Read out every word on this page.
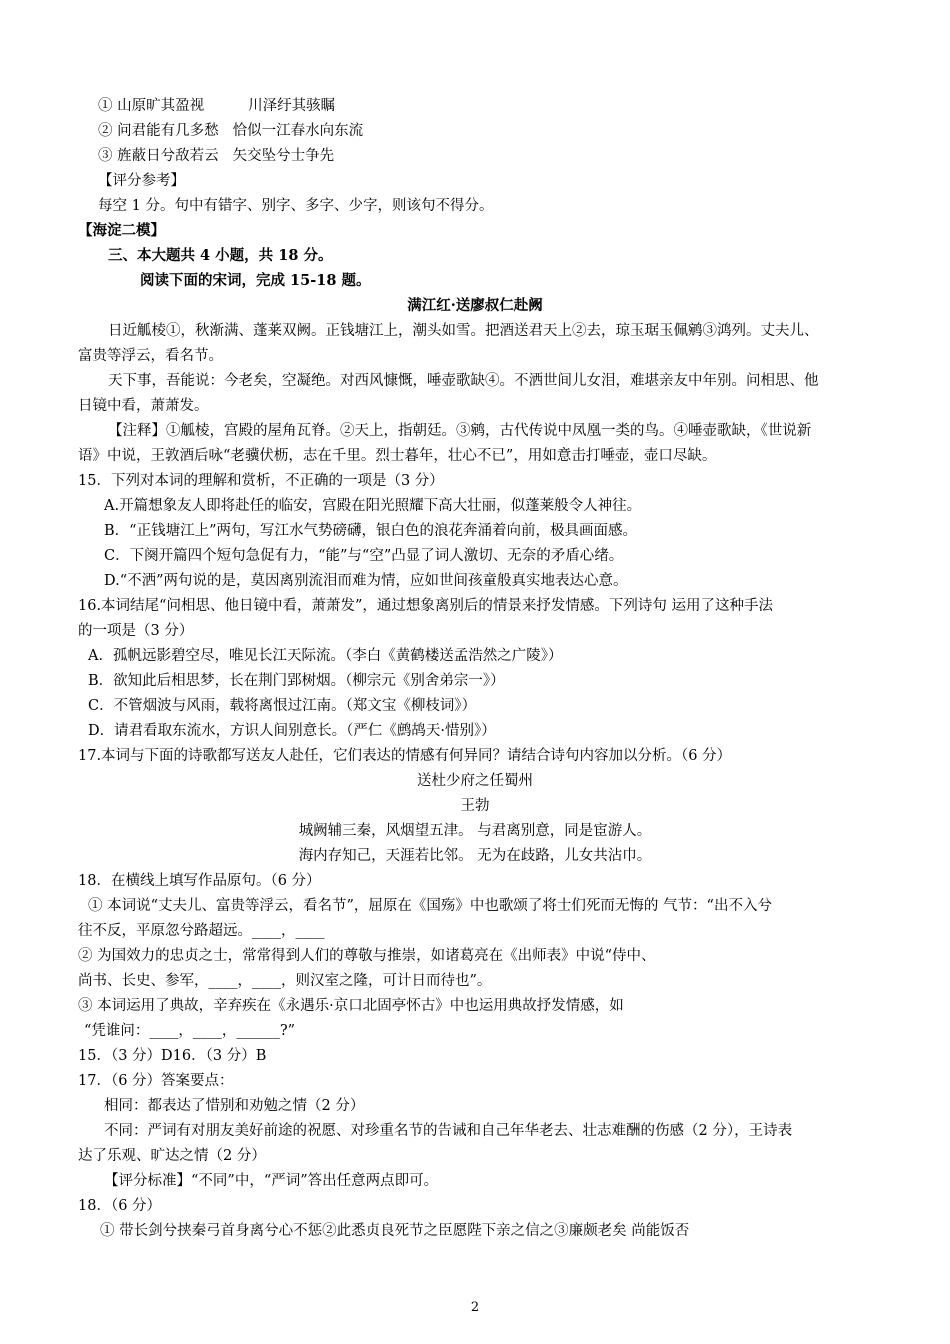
① 山原旷其盈视	川泽纡其骇瞩
② 问君能有几多愁 恰似一江春水向东流
③ 旌蔽日兮敌若云 矢交坠兮士争先
【评分参考】
每空 1 分。句中有错字、别字、多字、少字，则该句不得分。
【海淀二模】
三、本大题共 4 小题，共 18 分。
阅读下面的宋词，完成 15-18 题。
满江红·送廖叔仁赴阙
日近觚棱①，秋渐满、蓬莱双阙。正钱塘江上，潮头如雪。把酒送君天上②去，琼玉琚玉佩鹓③鸿列。丈夫儿、
富贵等浮云，看名节。
天下事，吾能说：今老矣，空凝绝。对西风慷慨，唾壶歌缺④。不洒世间儿女泪，难堪亲友中年别。问相思、他
日镜中看，萧萧发。
【注释】①觚棱，宫殿的屋角瓦脊。②天上，指朝廷。③鹓，古代传说中凤凰一类的鸟。④唾壶歌缺，《世说新
语》中说，王敦酒后咏“老骥伏枥，志在千里。烈士暮年，壮心不已”，用如意击打唾壶，壶口尽缺。
15．下列对本词的理解和赏析，不正确的一项是（3 分）
A.开篇想象友人即将赴任的临安，宫殿在阳光照耀下高大壮丽，似蓬莱般令人神往。
B．“正钱塘江上”两句，写江水气势磅礴，银白色的浪花奔涌着向前，极具画面感。
C．下阕开篇四个短句急促有力，“能”与“空”凸显了词人激切、无奈的矛盾心绪。
D.“不洒”两句说的是，莫因离别流泪而难为情，应如世间孩童般真实地表达心意。
16.本词结尾“问相思、他日镜中看，萧萧发”，通过想象离别后的情景来抒发情感。下列诗句 运用了这种手法
的一项是（3 分）
A．孤帆远影碧空尽，唯见长江天际流。（李白《黄鹤楼送孟浩然之广陵》）
B．欲知此后相思梦，长在荆门郢树烟。（柳宗元《别舍弟宗一》）
C．不管烟波与风雨，载将离恨过江南。（郑文宝《柳枝词》）
D．请君看取东流水，方识人间别意长。（严仁《鹧鸪天·惜别》）
17.本词与下面的诗歌都写送友人赴任，它们表达的情感有何异同？请结合诗句内容加以分析。（6 分）
送杜少府之任蜀州
王勃
城阙辅三秦，风烟望五津。 与君离别意，同是宦游人。
海内存知己，天涯若比邻。 无为在歧路，儿女共沾巾。
18．在横线上填写作品原句。（6 分）
① 本词说“丈夫儿、富贵等浮云，看名节”，屈原在《国殇》中也歌颂了将士们死而无悔的 气节：“出不入兮
往不反，平原忽兮路超远。____，____
② 为国效力的忠贞之士，常常得到人们的尊敬与推崇，如诸葛亮在《出师表》中说“侍中、
尚书、长史、参军，____，____，则汉室之隆，可计日而待也”。
③ 本词运用了典故，辛弃疾在《永遇乐·京口北固亭怀古》中也运用典故抒发情感，如
“凭谁问：____，____，______?”
15．（3 分）D16．（3 分）B
17．（6 分）答案要点：
相同：都表达了惜别和劝勉之情（2 分）
不同：严词有对朋友美好前途的祝愿、对珍重名节的告诫和自己年华老去、壮志难酬的伤感（2 分），王诗表
达了乐观、旷达之情（2 分）
【评分标准】“不同”中，“严词”答出任意两点即可。
18．（6 分）
① 带长剑兮挟秦弓首身离兮心不惩②此悉贞良死节之臣愿陛下亲之信之③廉颇老矣 尚能饭否
2
